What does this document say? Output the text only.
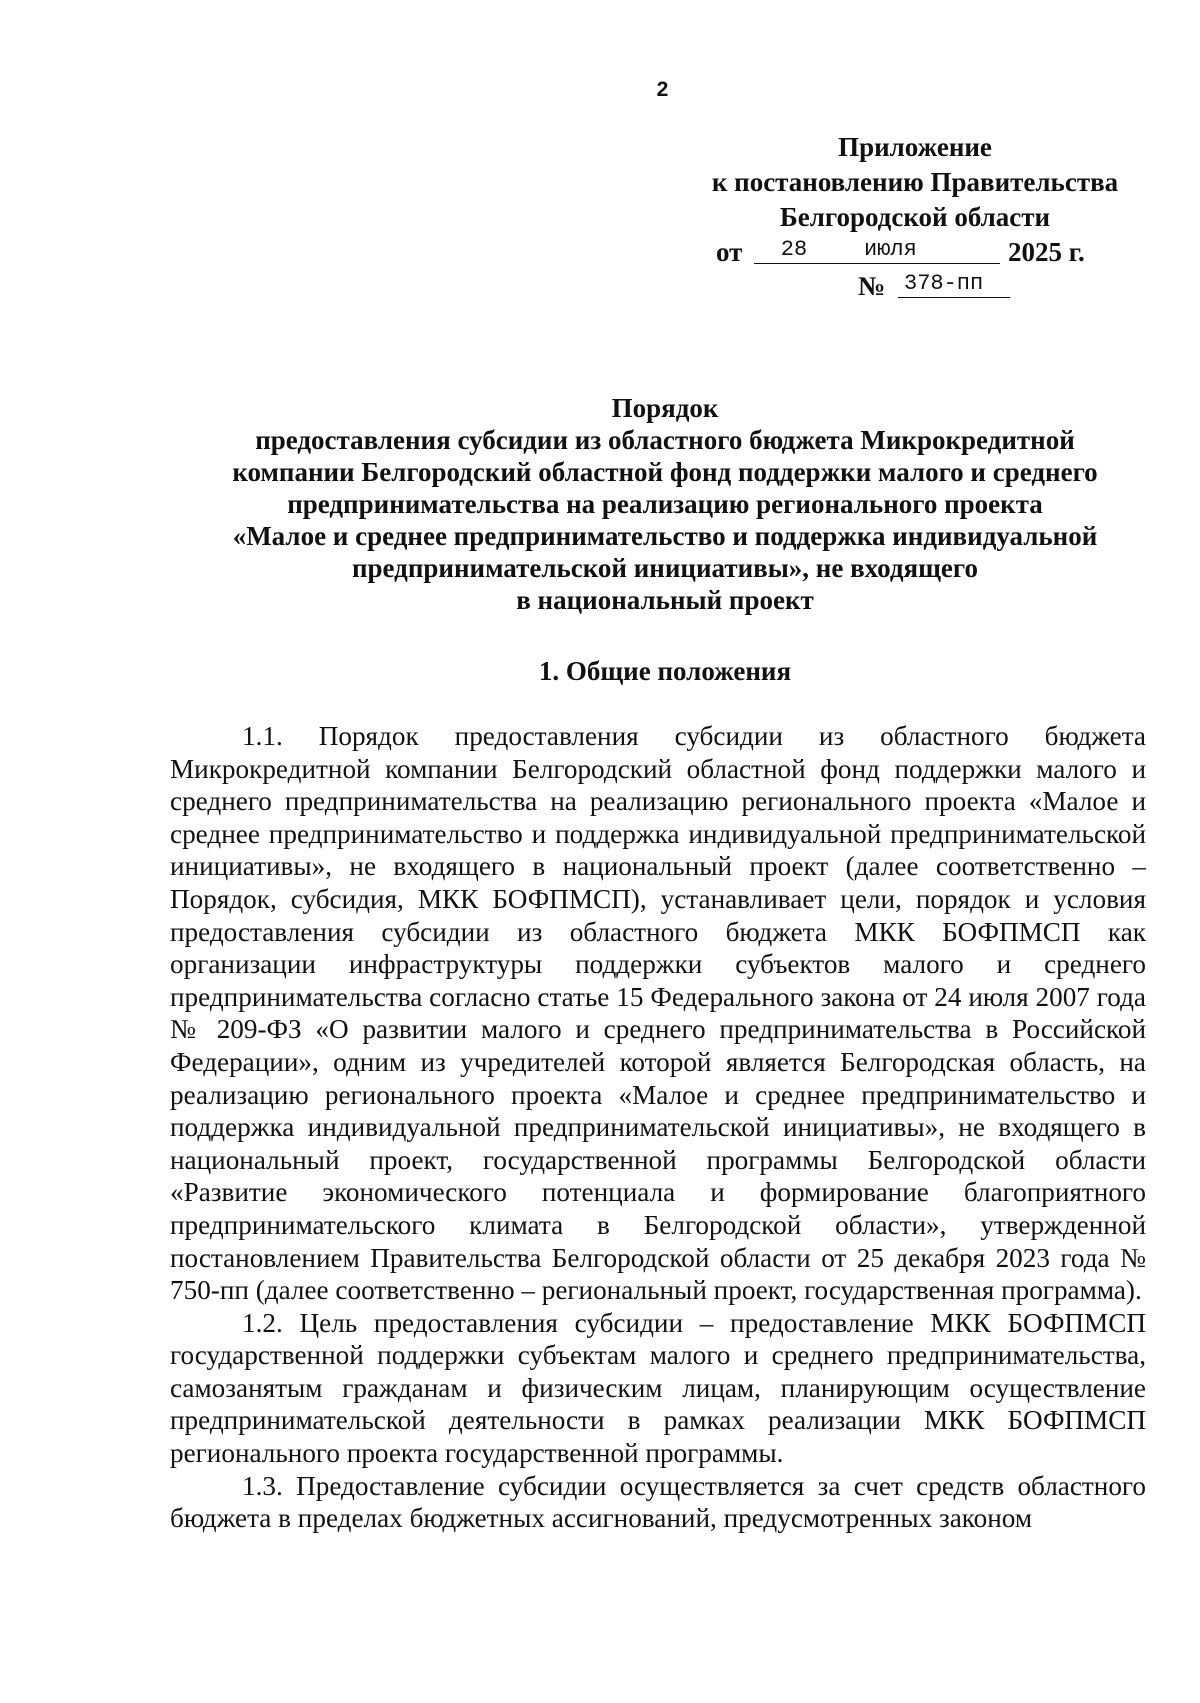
2
Приложение
к постановлению Правительства
Белгородской области
от	28	июля	2025 г.
№ 378-пп
Порядок
предоставления субсидии из областного бюджета Микрокредитной
компании Белгородский областной фонд поддержки малого и среднего
предпринимательства на реализацию регионального проекта
«Малое и среднее предпринимательство и поддержка индивидуальной
предпринимательской инициативы», не входящего
в национальный проект
1. Общие положения

1.1. Порядок предоставления субсидии из областного бюджета Микрокредитной компании Белгородский областной фонд поддержки малого и среднего предпринимательства на реализацию регионального проекта «Малое и среднее предпринимательство и поддержка индивидуальной предпринимательской инициативы», не входящего в национальный проект (далее соответственно – Порядок, субсидия, МКК БОФПМСП), устанавливает цели, порядок и условия предоставления субсидии из областного бюджета МКК БОФПМСП как организации инфраструктуры поддержки субъектов малого и среднего предпринимательства согласно статье 15 Федерального закона от 24 июля 2007 года № 209-ФЗ «О развитии малого и среднего предпринимательства в Российской Федерации», одним из учредителей которой является Белгородская область, на реализацию регионального проекта «Малое и среднее предпринимательство и поддержка индивидуальной предпринимательской инициативы», не входящего в национальный проект, государственной программы Белгородской области «Развитие экономического потенциала и формирование благоприятного предпринимательского климата в Белгородской области», утвержденной постановлением Правительства Белгородской области от 25 декабря 2023 года № 750-пп (далее соответственно – региональный проект, государственная программа).

1.2. Цель предоставления субсидии – предоставление МКК БОФПМСП государственной поддержки субъектам малого и среднего предпринимательства, самозанятым гражданам и физическим лицам, планирующим осуществление предпринимательской деятельности в рамках реализации МКК БОФПМСП регионального проекта государственной программы.

1.3. Предоставление субсидии осуществляется за счет средств областного бюджета в пределах бюджетных ассигнований, предусмотренных законом
